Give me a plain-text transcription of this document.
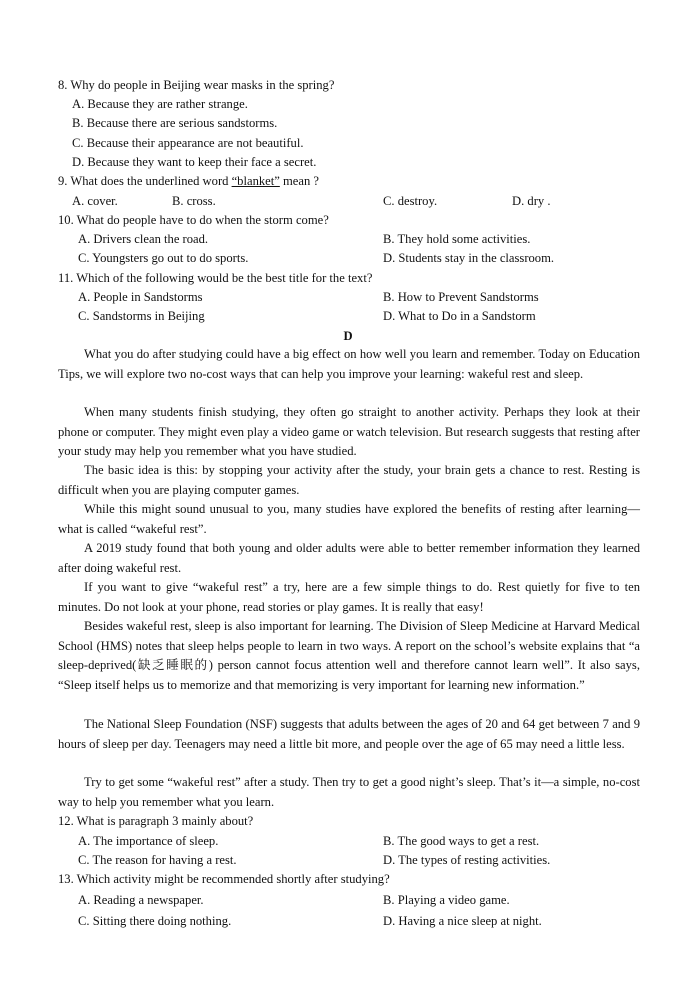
8. Why do people in Beijing wear masks in the spring?
A. Because they are rather strange.
B. Because there are serious sandstorms.
C. Because their appearance are not beautiful.
D. Because they want to keep their face a secret.
9. What does the underlined word “blanket” mean ?
A. cover.	B. cross.	C. destroy.	D. dry .
10. What do people have to do when the storm come?
A. Drivers clean the road.	B. They hold some activities.
C. Youngsters go out to do sports.	D. Students stay in the classroom.
11. Which of the following would be the best title for the text?
A. People in Sandstorms	B. How to Prevent Sandstorms
C. Sandstorms in Beijing	D. What to Do in a Sandstorm
D
What you do after studying could have a big effect on how well you learn and remember. Today on Education Tips, we will explore two no-cost ways that can help you improve your learning: wakeful rest and sleep.
When many students finish studying, they often go straight to another activity. Perhaps they look at their phone or computer. They might even play a video game or watch television. But research suggests that resting after your study may help you remember what you have studied.
The basic idea is this: by stopping your activity after the study, your brain gets a chance to rest. Resting is difficult when you are playing computer games.
While this might sound unusual to you, many studies have explored the benefits of resting after learning—what is called “wakeful rest”.
A 2019 study found that both young and older adults were able to better remember information they learned after doing wakeful rest.
If you want to give “wakeful rest” a try, here are a few simple things to do. Rest quietly for five to ten minutes. Do not look at your phone, read stories or play games. It is really that easy!
Besides wakeful rest, sleep is also important for learning. The Division of Sleep Medicine at Harvard Medical School (HMS) notes that sleep helps people to learn in two ways. A report on the school’s website explains that “a sleep-deprived(缺乏睡眠的) person cannot focus attention well and therefore cannot learn well”. It also says, “Sleep itself helps us to memorize and that memorizing is very important for learning new information.”
The National Sleep Foundation (NSF) suggests that adults between the ages of 20 and 64 get between 7 and 9 hours of sleep per day. Teenagers may need a little bit more, and people over the age of 65 may need a little less.
Try to get some “wakeful rest” after a study. Then try to get a good night’s sleep. That’s it—a simple, no-cost way to help you remember what you learn.
12. What is paragraph 3 mainly about?
A. The importance of sleep.	B. The good ways to get a rest.
C. The reason for having a rest.	D. The types of resting activities.
13. Which activity might be recommended shortly after studying?
A. Reading a newspaper.	B. Playing a video game.
C. Sitting there doing nothing.	D. Having a nice sleep at night.
